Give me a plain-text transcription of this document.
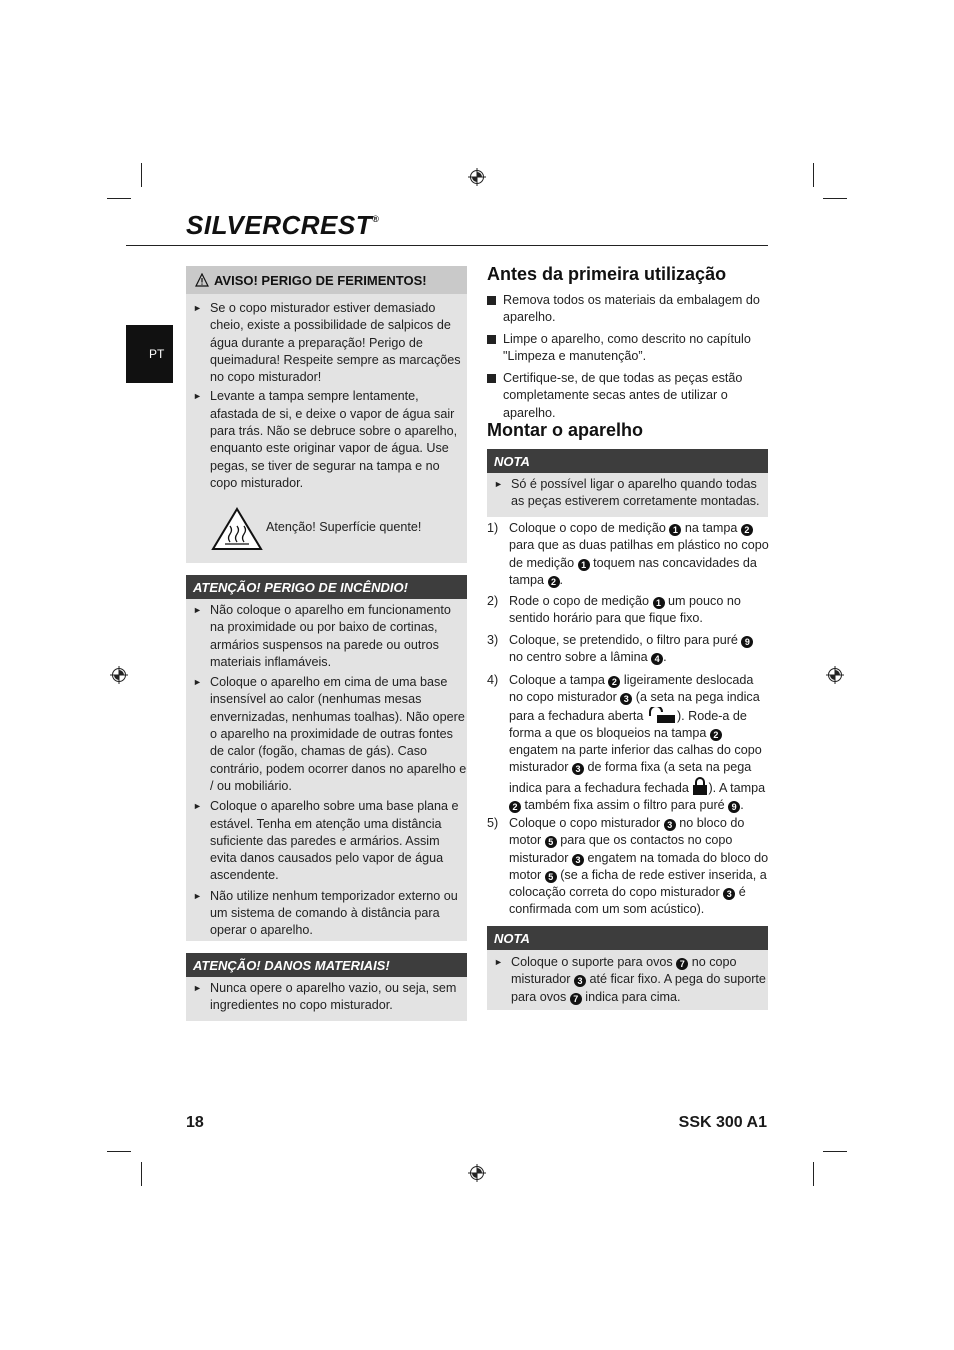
SILVERCREST®
PT
AVISO! PERIGO DE FERIMENTOS!
► Se o copo misturador estiver demasiado cheio, existe a possibilidade de salpicos de água durante a preparação! Perigo de queimadura! Respeite sempre as marcações no copo misturador!
► Levante a tampa sempre lentamente, afastada de si, e deixe o vapor de água sair para trás. Não se debruce sobre o aparelho, enquanto este originar vapor de água. Use pegas, se tiver de segurar na tampa e no copo misturador.
Atenção! Superfície quente!
ATENÇÃO! PERIGO DE INCÊNDIO!
► Não coloque o aparelho em funcionamento na proximidade ou por baixo de cortinas, armários suspensos na parede ou outros materiais inflamáveis.
► Coloque o aparelho em cima de uma base insensível ao calor (nenhumas mesas envernizadas, nenhumas toalhas). Não opere o aparelho na proximidade de outras fontes de calor (fogão, chamas de gás). Caso contrário, podem ocorrer danos no aparelho e / ou mobiliário.
► Coloque o aparelho sobre uma base plana e estável. Tenha em atenção uma distância suficiente das paredes e armários. Assim evita danos causados pelo vapor de água ascendente.
► Não utilize nenhum temporizador externo ou um sistema de comando à distância para operar o aparelho.
ATENÇÃO! DANOS MATERIAIS!
► Nunca opere o aparelho vazio, ou seja, sem ingredientes no copo misturador.
Antes da primeira utilização
Remova todos os materiais da embalagem do aparelho.
Limpe o aparelho, como descrito no capítulo "Limpeza e manutenção”.
Certifique-se, de que todas as peças estão completamente secas antes de utilizar o aparelho.
Montar o aparelho
NOTA
► Só é possível ligar o aparelho quando todas as peças estiverem corretamente montadas.
1) Coloque o copo de medição 1 na tampa 2 para que as duas patilhas em plástico no copo de medição 1 toquem nas concavidades da tampa 2 .
2) Rode o copo de medição 1 um pouco no sentido horário para que fique fixo.
3) Coloque, se pretendido, o filtro para puré 9 no centro sobre a lâmina 4 .
4) Coloque a tampa 2 ligeiramente deslocada no copo misturador 3 (a seta na pega indica para a fechadura aberta ). Rode-a de forma a que os bloqueios na tampa 2 engatem na parte inferior das calhas do copo misturador 3 de forma fixa (a seta na pega indica para a fechadura fechada ). A tampa 2 também fixa assim o filtro para puré 9 .
5) Coloque o copo misturador 3 no bloco do motor 5 para que os contactos no copo misturador 3 engatem na tomada do bloco do motor 5 (se a ficha de rede estiver inserida, a colocação correta do copo misturador 3 é confirmada com um som acústico).
NOTA
► Coloque o suporte para ovos 7 no copo misturador 3 até ficar fixo. A pega do suporte para ovos 7 indica para cima.
18	SSK 300 A1
